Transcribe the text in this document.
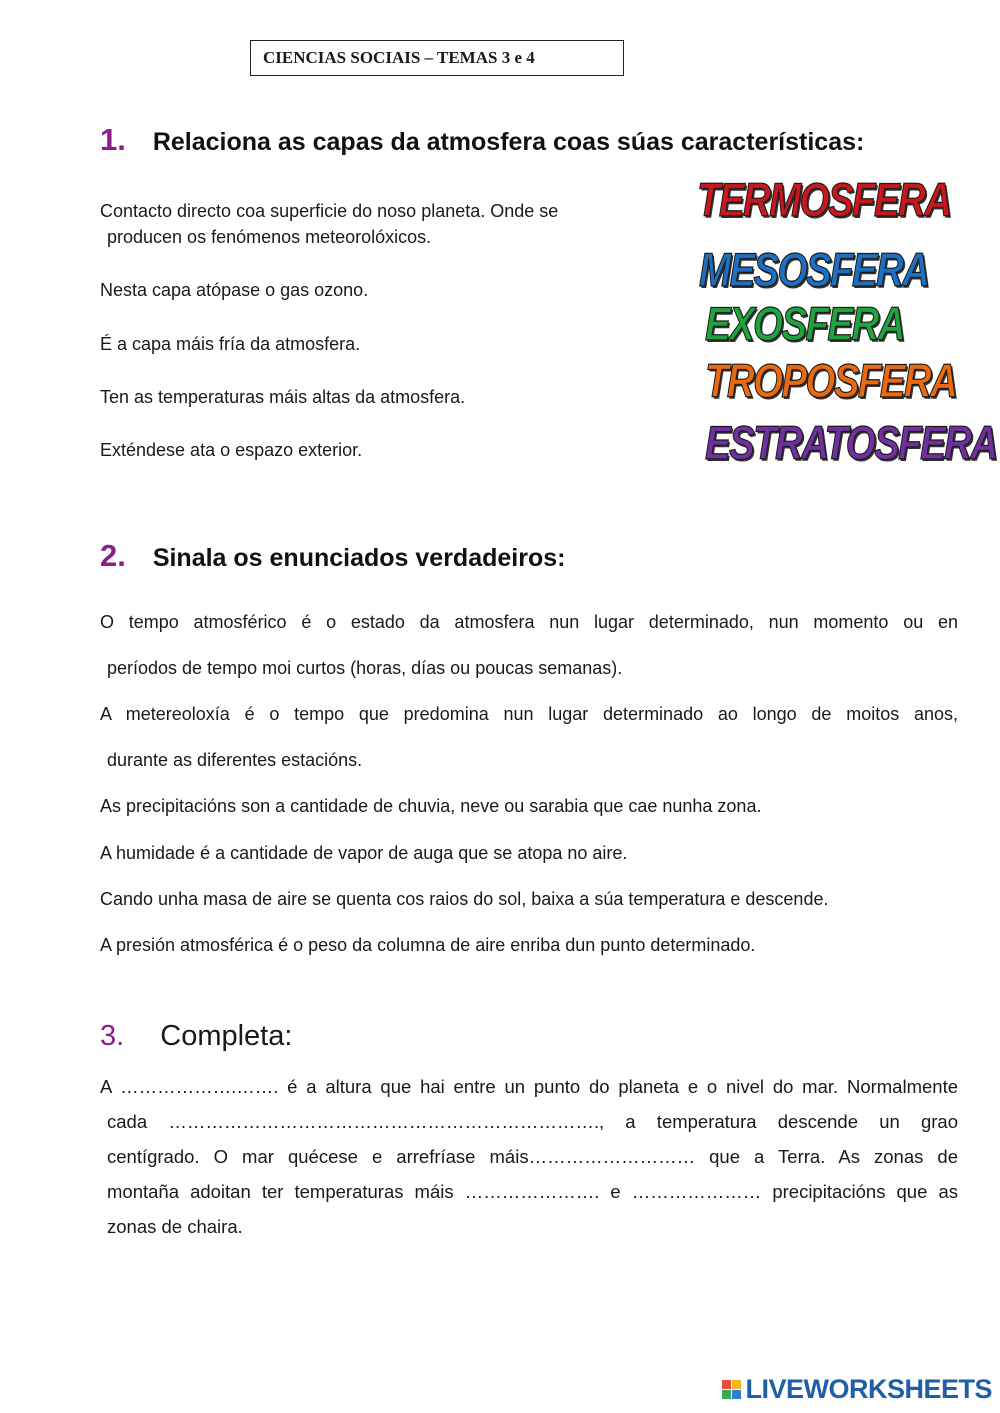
CIENCIAS SOCIAIS – TEMAS 3 e 4
1. Relaciona as capas da atmosfera coas súas características:
Contacto directo coa superficie do noso planeta. Onde se
producen os fenómenos meteorolóxicos.
Nesta capa atópase o gas ozono.
É a capa máis fría da atmosfera.
Ten as temperaturas máis altas da atmosfera.
Exténdese ata o espazo exterior.
TERMOSFERA
MESOSFERA
EXOSFERA
TROPOSFERA
ESTRATOSFERA
2. Sinala os enunciados verdadeiros:
O tempo atmosférico é o estado da atmosfera nun lugar determinado, nun momento ou en
períodos de tempo moi curtos (horas, días ou poucas semanas).
A metereoloxía é o tempo que predomina nun lugar determinado ao longo de moitos anos,
durante as diferentes estacións.
As precipitacións son a cantidade de chuvia, neve ou sarabia que cae nunha zona.
A humidade é a cantidade de vapor de auga que se atopa no aire.
Cando unha masa de aire se quenta cos raios do sol, baixa a súa temperatura e descende.
A presión atmosférica é o peso da columna de aire enriba dun punto determinado.
3. Completa:
A ……………….……. é a altura que hai entre un punto do planeta e o nivel do mar. Normalmente
cada ……………………………………………………………., a temperatura descende un grao
centígrado. O mar quécese e arrefríase máis……………………… que a Terra. As zonas de
montaña adoitan ter temperaturas máis …………………. e ………………… precipitacións que as
zonas de chaira.
LIVEWORKSHEETS
